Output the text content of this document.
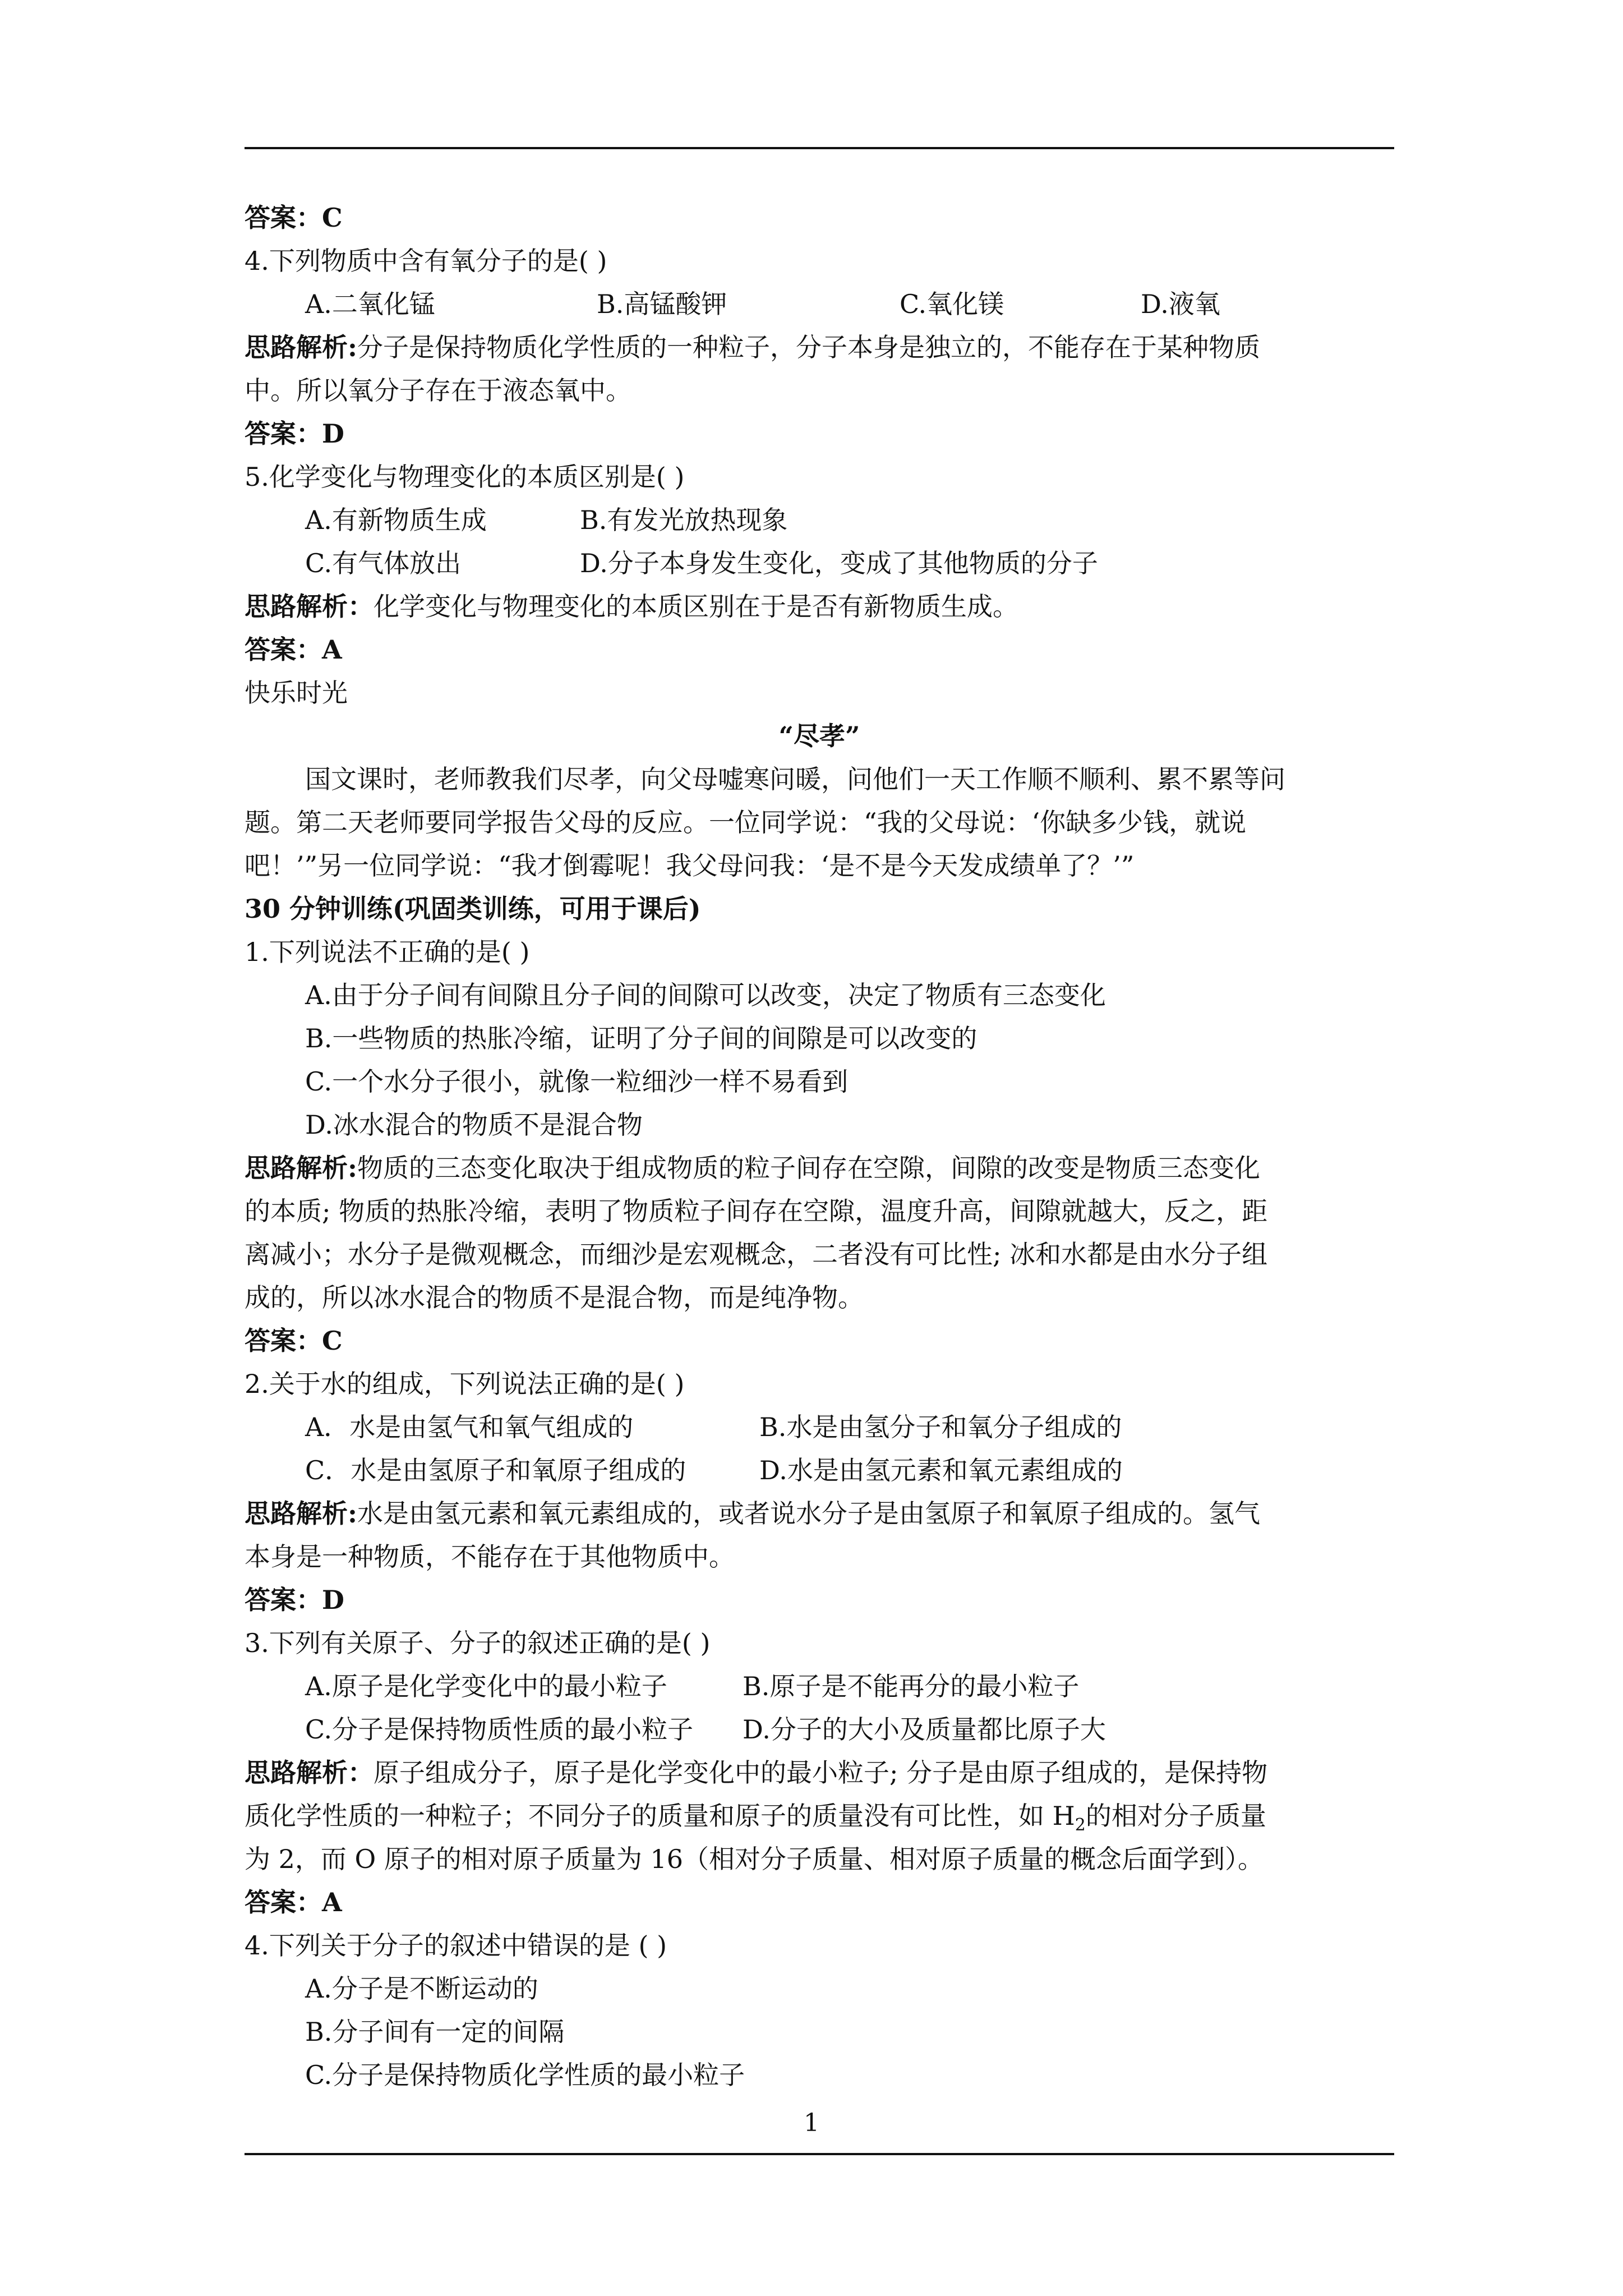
答案：C
4.下列物质中含有氧分子的是( )
A.二氧化锰	B.高锰酸钾	C.氧化镁	D.液氧
思路解析:分子是保持物质化学性质的一种粒子，分子本身是独立的，不能存在于某种物质
中。所以氧分子存在于液态氧中。
答案：D
5.化学变化与物理变化的本质区别是( )
A.有新物质生成	B.有发光放热现象
C.有气体放出	D.分子本身发生变化，变成了其他物质的分子
思路解析：化学变化与物理变化的本质区别在于是否有新物质生成。
答案：A
快乐时光
“尽孝”
国文课时，老师教我们尽孝，向父母嘘寒问暖，问他们一天工作顺不顺利、累不累等问
题。第二天老师要同学报告父母的反应。一位同学说：“我的父母说：‘你缺多少钱，就说
吧！’”另一位同学说：“我才倒霉呢！我父母问我：‘是不是今天发成绩单了？’”
30 分钟训练(巩固类训练，可用于课后)
1.下列说法不正确的是( )
A.由于分子间有间隙且分子间的间隙可以改变，决定了物质有三态变化
B.一些物质的热胀冷缩，证明了分子间的间隙是可以改变的
C.一个水分子很小，就像一粒细沙一样不易看到
D.冰水混合的物质不是混合物
思路解析:物质的三态变化取决于组成物质的粒子间存在空隙，间隙的改变是物质三态变化
的本质; 物质的热胀冷缩，表明了物质粒子间存在空隙，温度升高，间隙就越大，反之，距
离减小；水分子是微观概念，而细沙是宏观概念，二者没有可比性; 冰和水都是由水分子组
成的，所以冰水混合的物质不是混合物，而是纯净物。
答案：C
2.关于水的组成，下列说法正确的是( )
A．水是由氢气和氧气组成的	B.水是由氢分子和氧分子组成的
C．水是由氢原子和氧原子组成的	D.水是由氢元素和氧元素组成的
思路解析:水是由氢元素和氧元素组成的，或者说水分子是由氢原子和氧原子组成的。氢气
本身是一种物质，不能存在于其他物质中。
答案：D
3.下列有关原子、分子的叙述正确的是( )
A.原子是化学变化中的最小粒子	B.原子是不能再分的最小粒子
C.分子是保持物质性质的最小粒子	D.分子的大小及质量都比原子大
思路解析：原子组成分子，原子是化学变化中的最小粒子; 分子是由原子组成的，是保持物
质化学性质的一种粒子；不同分子的质量和原子的质量没有可比性，如 $H_2$的相对分子质量
为 2，而 O 原子的相对原子质量为 16（相对分子质量、相对原子质量的概念后面学到）。
答案：A
4.下列关于分子的叙述中错误的是 ( )
A.分子是不断运动的
B.分子间有一定的间隔
C.分子是保持物质化学性质的最小粒子
1
